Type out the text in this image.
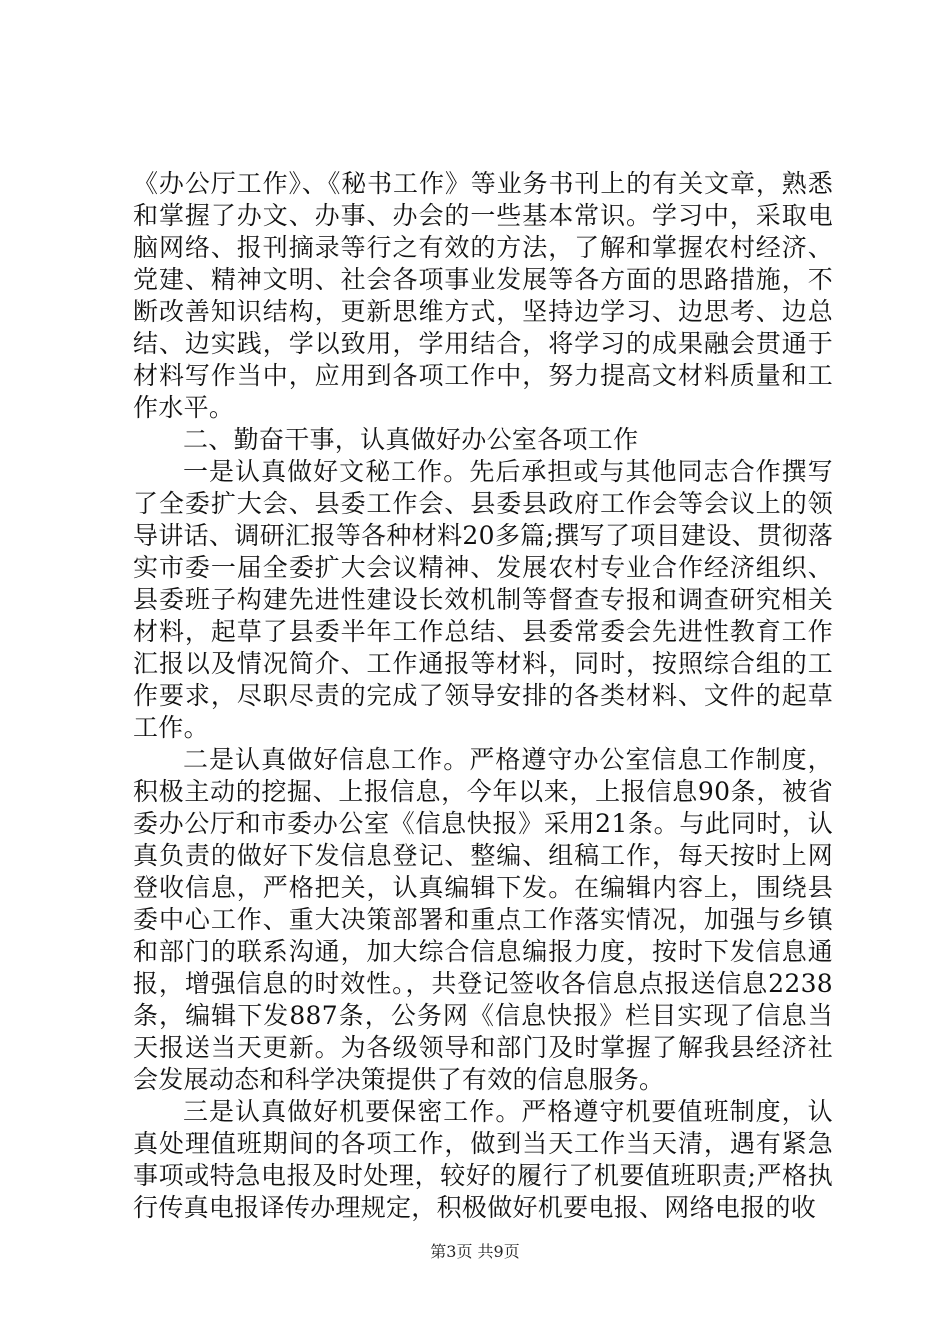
《办公厅工作》、《秘书工作》等业务书刊上的有关文章，熟悉和掌握了办文、办事、办会的一些基本常识。学习中，采取电脑网络、报刊摘录等行之有效的方法，了解和掌握农村经济、党建、精神文明、社会各项事业发展等各方面的思路措施，不断改善知识结构，更新思维方式，坚持边学习、边思考、边总结、边实践，学以致用，学用结合，将学习的成果融会贯通于材料写作当中，应用到各项工作中，努力提高文材料质量和工作水平。

二、勤奋干事，认真做好办公室各项工作

一是认真做好文秘工作。先后承担或与其他同志合作撰写了全委扩大会、县委工作会、县委县政府工作会等会议上的领导讲话、调研汇报等各种材料20多篇;撰写了项目建设、贯彻落实市委一届全委扩大会议精神、发展农村专业合作经济组织、县委班子构建先进性建设长效机制等督查专报和调查研究相关材料，起草了县委半年工作总结、县委常委会先进性教育工作汇报以及情况简介、工作通报等材料，同时，按照综合组的工作要求，尽职尽责的完成了领导安排的各类材料、文件的起草工作。

二是认真做好信息工作。严格遵守办公室信息工作制度，积极主动的挖掘、上报信息，今年以来，上报信息90条，被省委办公厅和市委办公室《信息快报》采用21条。与此同时，认真负责的做好下发信息登记、整编、组稿工作，每天按时上网登收信息，严格把关，认真编辑下发。在编辑内容上，围绕县委中心工作、重大决策部署和重点工作落实情况，加强与乡镇和部门的联系沟通，加大综合信息编报力度，按时下发信息通报，增强信息的时效性。，共登记签收各信息点报送信息2238条，编辑下发887条，公务网《信息快报》栏目实现了信息当天报送当天更新。为各级领导和部门及时掌握了解我县经济社会发展动态和科学决策提供了有效的信息服务。

三是认真做好机要保密工作。严格遵守机要值班制度，认真处理值班期间的各项工作，做到当天工作当天清，遇有紧急事项或特急电报及时处理，较好的履行了机要值班职责;严格执行传真电报译传办理规定，积极做好机要电报、网络电报的收

第3页 共9页
